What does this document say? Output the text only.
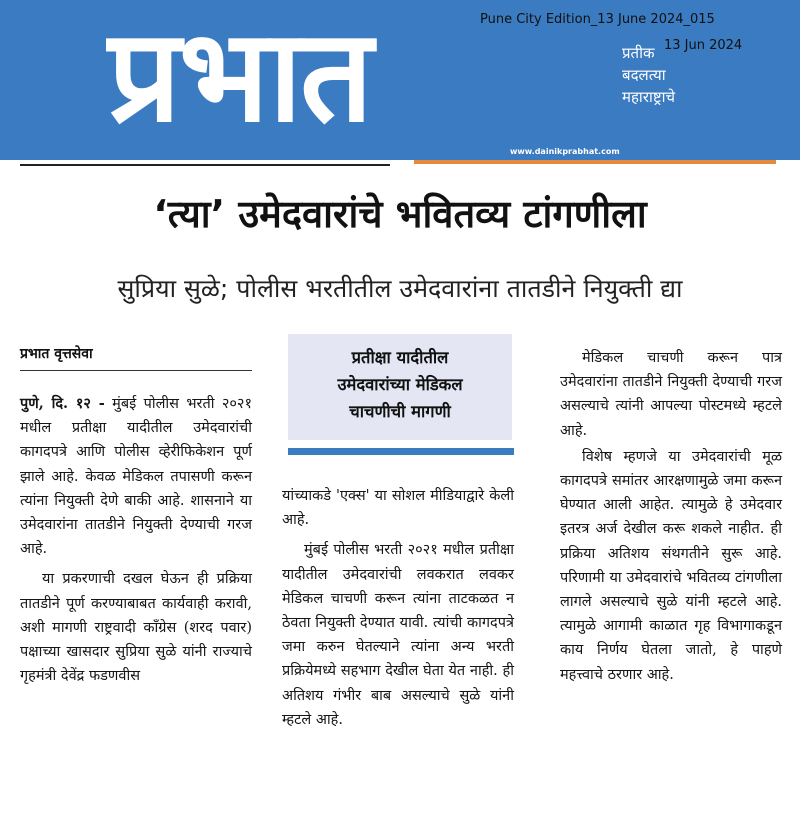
प्रभात	प्रतीक
बदलत्या
महाराष्ट्राचे
Pune City Edition_13 June 2024_015
13 Jun 2024
www.dainikprabhat.com
‘त्या’ उमेदवारांचे भवितव्य टांगणीला
सुप्रिया सुळे; पोलीस भरतीतील उमेदवारांना तातडीने नियुक्ती द्या
प्रभात वृत्तसेवा

पुणे, दि. १२ - मुंबई पोलीस भरती २०२१ मधील प्रतीक्षा यादीतील उमेदवारांची कागदपत्रे आणि पोलीस व्हेरीफिकेशन पूर्ण झाले आहे. केवळ मेडिकल तपासणी करून त्यांना नियुक्ती देणे बाकी आहे. शासनाने या उमेदवारांना तातडीने नियुक्ती देण्याची गरज आहे.

या प्रकरणाची दखल घेऊन ही प्रक्रिया तातडीने पूर्ण करण्याबाबत कार्यवाही करावी, अशी मागणी राष्ट्रवादी कॉंग्रेस (शरद पवार) पक्षाच्या खासदार सुप्रिया सुळे यांनी राज्याचे गृहमंत्री देवेंद्र फडणवीस

प्रतीक्षा यादीतील
उमेदवारांच्या मेडिकल
चाचणीची मागणी

यांच्याकडे 'एक्स' या सोशल मीडियाद्वारे केली आहे.

मुंबई पोलीस भरती २०२१ मधील प्रतीक्षा यादीतील उमेदवारांची लवकरात लवकर मेडिकल चाचणी करून त्यांना ताटकळत न ठेवता नियुक्ती देण्यात यावी. त्यांची कागदपत्रे जमा करुन घेतल्याने त्यांना अन्य भरती प्रक्रियेमध्ये सहभाग देखील घेता येत नाही. ही अतिशय गंभीर बाब असल्याचे सुळे यांनी म्हटले आहे.

मेडिकल चाचणी करून पात्र उमेदवारांना तातडीने नियुक्ती देण्याची गरज असल्याचे त्यांनी आपल्या पोस्टमध्ये म्हटले आहे.

विशेष म्हणजे या उमेदवारांची मूळ कागदपत्रे समांतर आरक्षणामुळे जमा करून घेण्यात आली आहेत. त्यामुळे हे उमेदवार इतरत्र अर्ज देखील करू शकले नाहीत. ही प्रक्रिया अतिशय संथगतीने सुरू आहे. परिणामी या उमेदवारांचे भवितव्य टांगणीला लागले असल्याचे सुळे यांनी म्हटले आहे. त्यामुळे आगामी काळात गृह विभागाकडून काय निर्णय घेतला जातो, हे पाहणे महत्त्वाचे ठरणार आहे.
